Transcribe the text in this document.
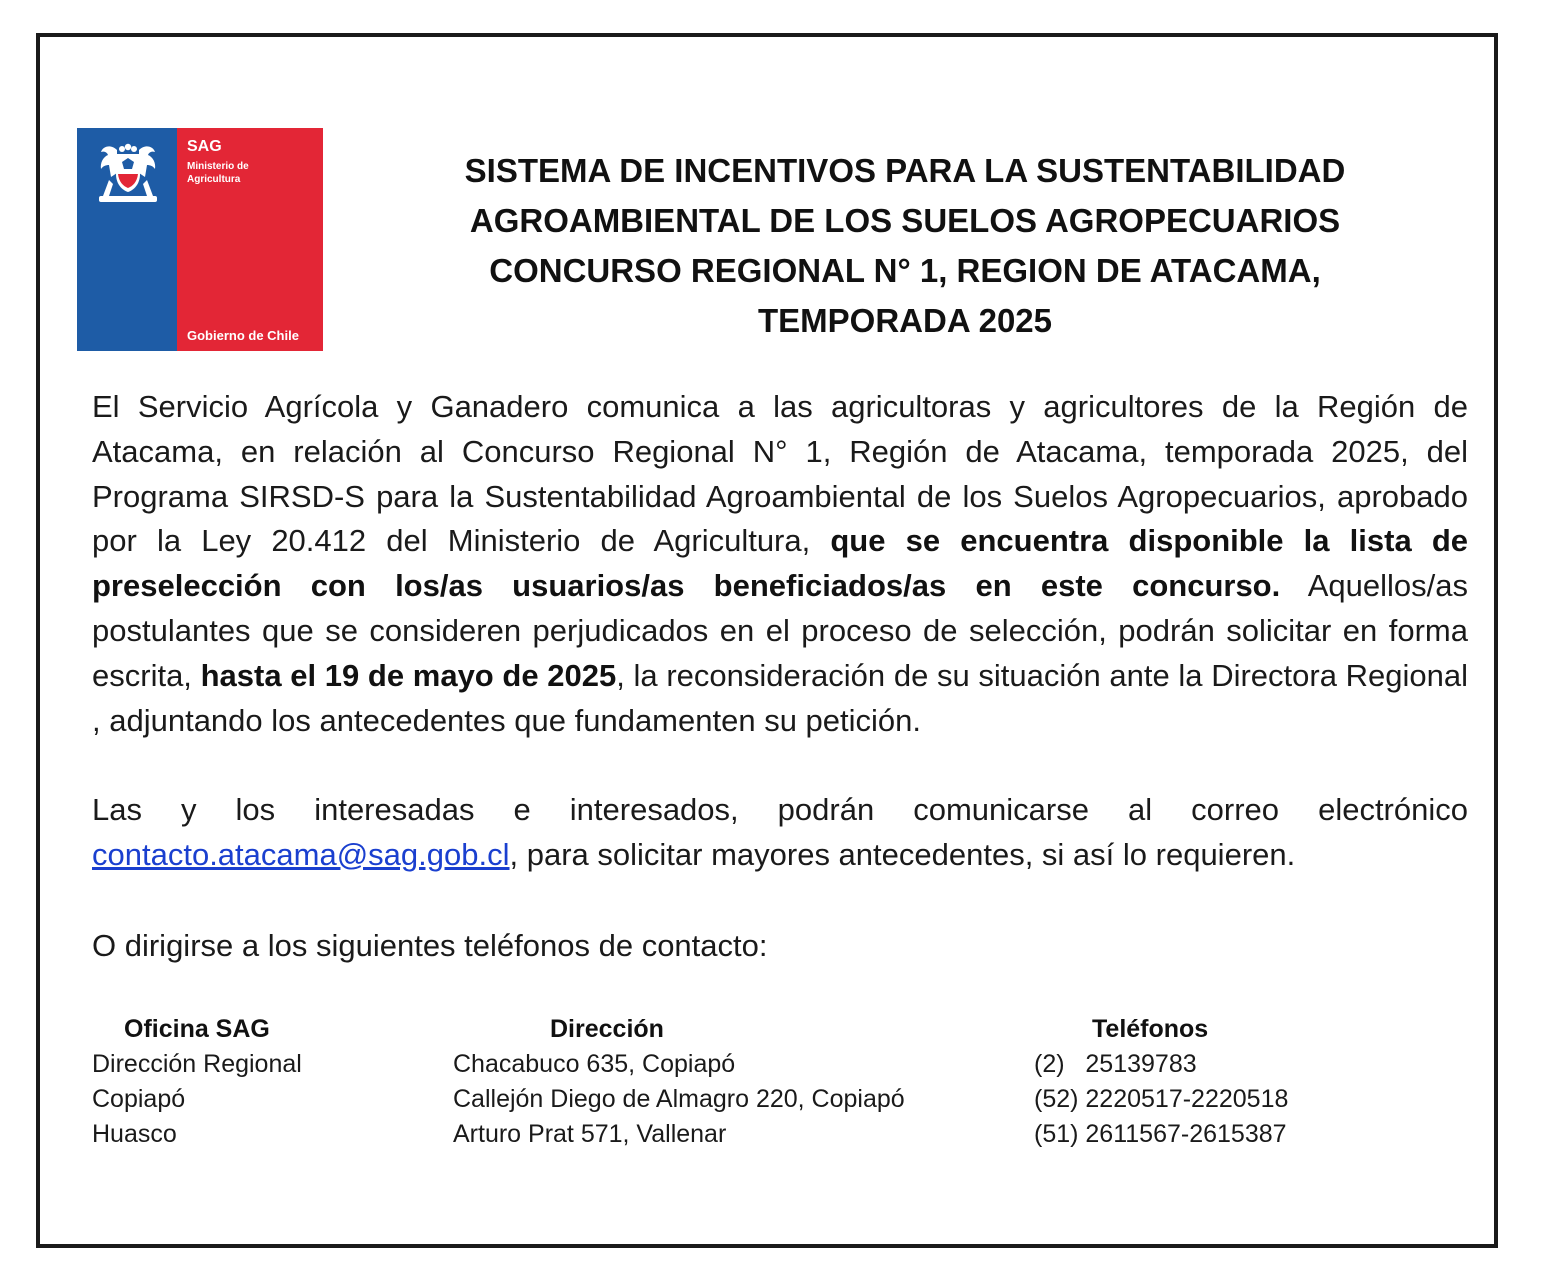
SAG
Ministerio de Agricultura
Gobierno de Chile
SISTEMA DE INCENTIVOS PARA LA SUSTENTABILIDAD
AGROAMBIENTAL DE LOS SUELOS AGROPECUARIOS
CONCURSO REGIONAL N° 1, REGION DE ATACAMA,
TEMPORADA 2025
El Servicio Agrícola y Ganadero comunica a las agricultoras y agricultores de la Región de Atacama, en relación al Concurso Regional N° 1, Región de Atacama, temporada 2025, del Programa SIRSD-S para la Sustentabilidad Agroambiental de los Suelos Agropecuarios, aprobado por la Ley 20.412 del Ministerio de Agricultura, que se encuentra disponible la lista de preselección con los/as usuarios/as beneficiados/as en este concurso. Aquellos/as postulantes que se consideren perjudicados en el proceso de selección, podrán solicitar en forma escrita, hasta el 19 de mayo de 2025, la reconsideración de su situación ante la Directora Regional , adjuntando los antecedentes que fundamenten su petición.
Las y los interesadas e interesados, podrán comunicarse al correo electrónico contacto.atacama@sag.gob.cl, para solicitar mayores antecedentes, si así lo requieren.
O dirigirse a los siguientes teléfonos de contacto:
Oficina SAG	Dirección	Teléfonos
Dirección Regional	Chacabuco 635, Copiapó	(2)   25139783
Copiapó	Callejón Diego de Almagro 220, Copiapó	(52) 2220517-2220518
Huasco	Arturo Prat 571, Vallenar	(51) 2611567-2615387
